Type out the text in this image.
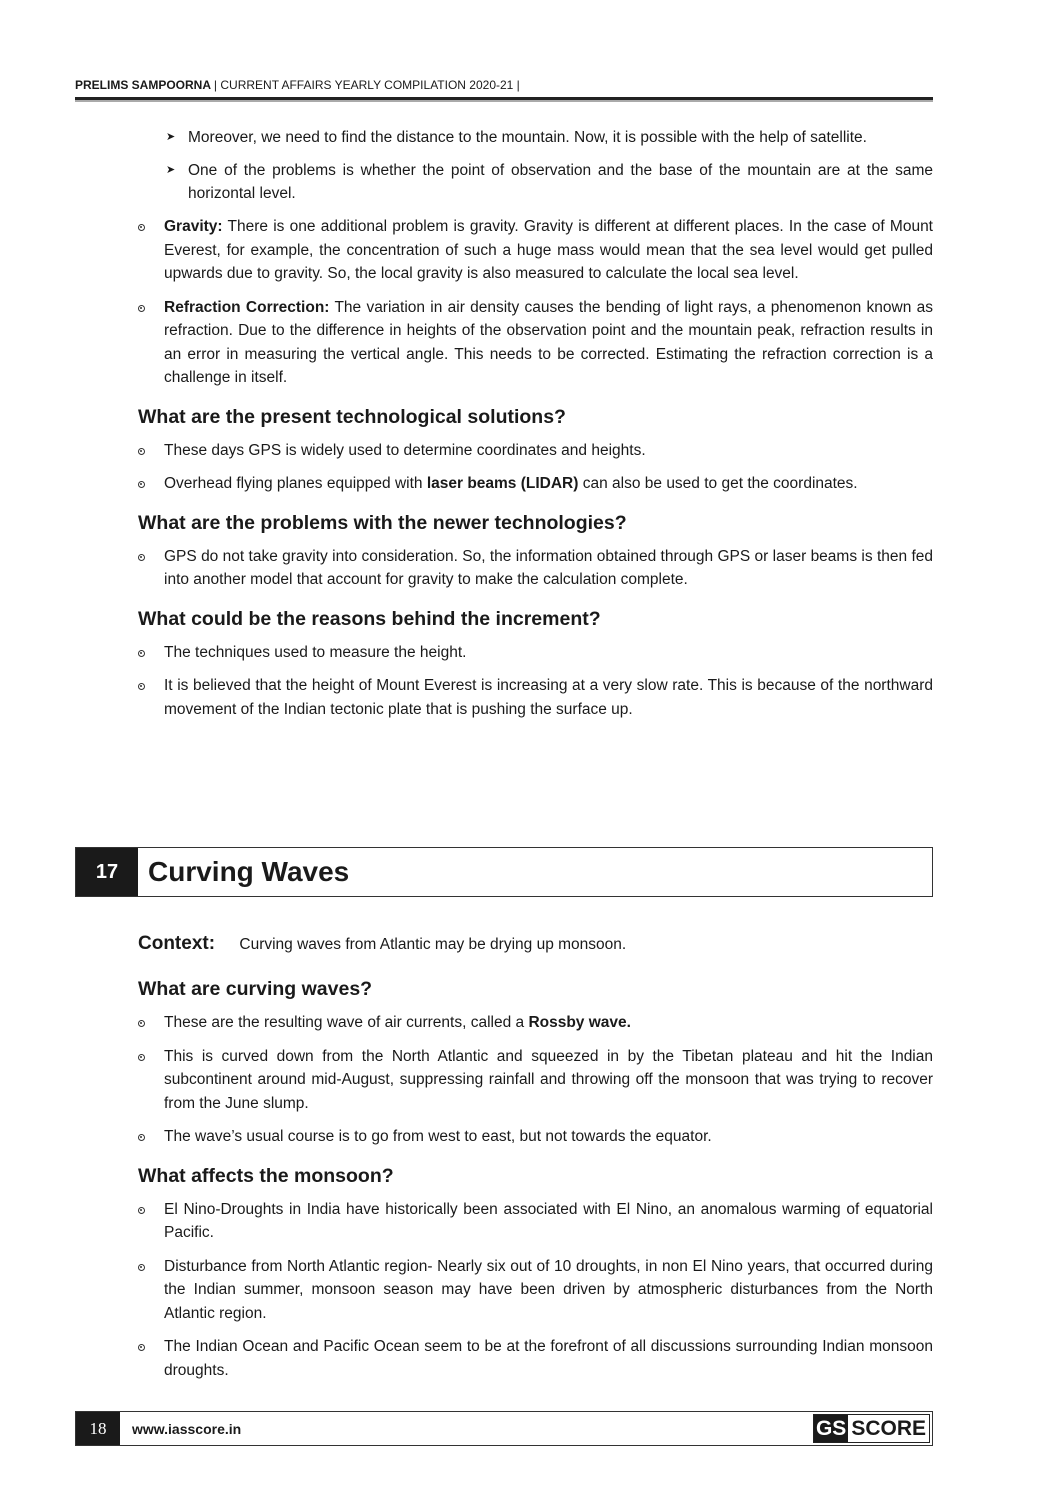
PRELIMS SAMPOORNA | CURRENT AFFAIRS YEARLY COMPILATION 2020-21 |
➤ Moreover, we need to find the distance to the mountain. Now, it is possible with the help of satellite.
➤ One of the problems is whether the point of observation and the base of the mountain are at the same horizontal level.
Gravity: There is one additional problem is gravity. Gravity is different at different places. In the case of Mount Everest, for example, the concentration of such a huge mass would mean that the sea level would get pulled upwards due to gravity. So, the local gravity is also measured to calculate the local sea level.
Refraction Correction: The variation in air density causes the bending of light rays, a phenomenon known as refraction. Due to the difference in heights of the observation point and the mountain peak, refraction results in an error in measuring the vertical angle. This needs to be corrected. Estimating the refraction correction is a challenge in itself.
What are the present technological solutions?
These days GPS is widely used to determine coordinates and heights.
Overhead flying planes equipped with laser beams (LIDAR) can also be used to get the coordinates.
What are the problems with the newer technologies?
GPS do not take gravity into consideration. So, the information obtained through GPS or laser beams is then fed into another model that account for gravity to make the calculation complete.
What could be the reasons behind the increment?
The techniques used to measure the height.
It is believed that the height of Mount Everest is increasing at a very slow rate. This is because of the northward movement of the Indian tectonic plate that is pushing the surface up.
17	Curving Waves
Context: Curving waves from Atlantic may be drying up monsoon.
What are curving waves?
These are the resulting wave of air currents, called a Rossby wave.
This is curved down from the North Atlantic and squeezed in by the Tibetan plateau and hit the Indian subcontinent around mid-August, suppressing rainfall and throwing off the monsoon that was trying to recover from the June slump.
The wave’s usual course is to go from west to east, but not towards the equator.
What affects the monsoon?
El Nino-Droughts in India have historically been associated with El Nino, an anomalous warming of equatorial Pacific.
Disturbance from North Atlantic region- Nearly six out of 10 droughts, in non El Nino years, that occurred during the Indian summer, monsoon season may have been driven by atmospheric disturbances from the North Atlantic region.
The Indian Ocean and Pacific Ocean seem to be at the forefront of all discussions surrounding Indian monsoon droughts.
18	www.iasscore.in	GS SCORE
